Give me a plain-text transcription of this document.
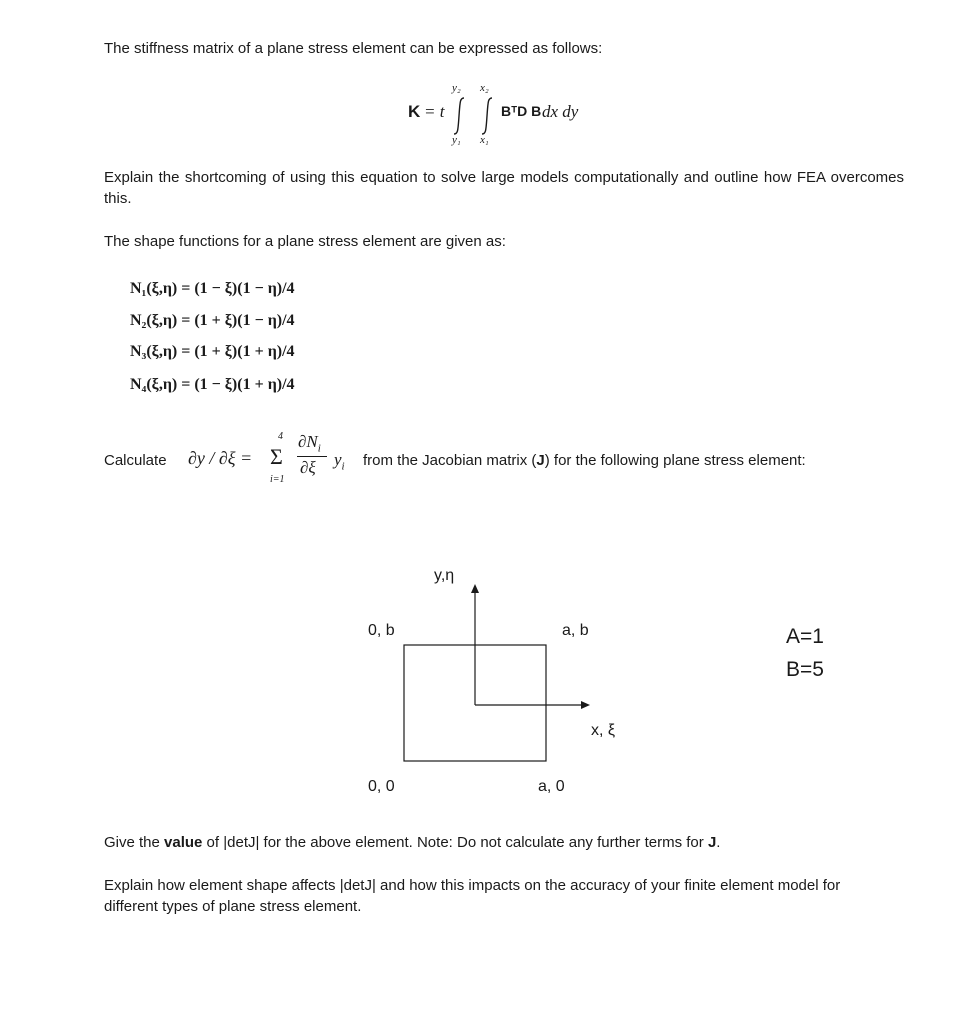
The stiffness matrix of a plane stress element can be expressed as follows:
K = t
y₂ x₂
y₁ x₁
BᵀD B dx dy
Explain the shortcoming of using this equation to solve large models computationally and outline how FEA overcomes this.
The shape functions for a plane stress element are given as:
N₁(ξ,η) = (1 − ξ)(1 − η)/4
N₂(ξ,η) = (1 + ξ)(1 − η)/4
N₃(ξ,η) = (1 + ξ)(1 + η)/4
N₄(ξ,η) = (1 − ξ)(1 + η)/4
Calculate ∂y / ∂ξ =
4
Σ
i=1
$\partial N_i$
∂ξ $y_i$ from the Jacobian matrix (J) for the following plane stress element:
y,η
x, ξ
0, b	a, b
0, 0	a, 0
A=1
B=5
Give the value of |detJ| for the above element. Note: Do not calculate any further terms for J.
Explain how element shape affects |detJ| and how this impacts on the accuracy of your finite element model for different types of plane stress element.
